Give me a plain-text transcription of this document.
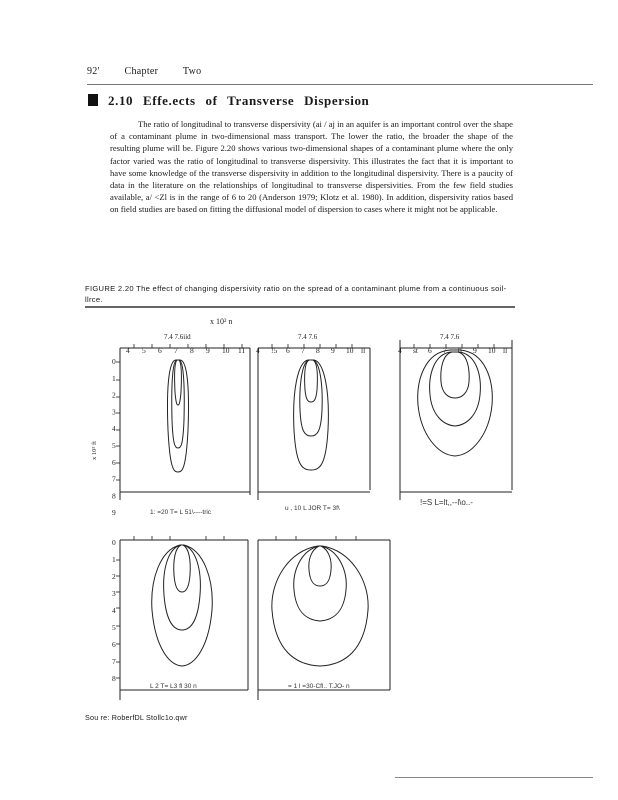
92' Chapter Two
2.10 Effe.ects of Transverse Dispersion

The ratio of longitudinal to transverse dispersivity (ai / aj in an aquifer is an important control over the shape of a contaminant plume in two-dimensional mass transport. The lower the ratio, the broader the shape of the resulting plume will be. Figure 2.20 shows various two-dimensional shapes of a contaminant plume where the only factor varied was the ratio of longitudinal to transverse dispersivity. This illustrates the fact that it is important to have some knowledge of the transverse dispersivity in addition to the longitudinal dispersivity. There is a paucity of data in the literature on the relationships of longitudinal to transverse dispersivities. From the few field studies available, a/ <Zl is in the range of 6 to 20 (Anderson 1979; Klotz et al. 1980). In addition, dispersivity ratios based on field studies are based on fitting the diffusional model of dispersion to cases where it might not be applicable.

FIGURE 2.20 The effect of changing dispersivity ratio on the spread of a contaminant plume from a continuous soil-llrce.
x 10² n
7.4 7.6iid	7.4 7.6	7.4 7.6
x 10² ft
4 5 6 7 8 9 10 11 4 !5 6 7 8 9 10 ll	4 st 6 7 8 9 10 ll
0
1
2
3
4
5
6
7
8
9
0
1
2
3
4
5
6
7
8
1: =20 T= L 51\----tric
u , 10 L JOR T= 3f\
!=S L=lt,,--l\o..-
L 2 T= L3 fl 30 n	= 1 l =30-Cfl.. T.JO- n
Sou re: RoberfDL Stollc1o.qwr
